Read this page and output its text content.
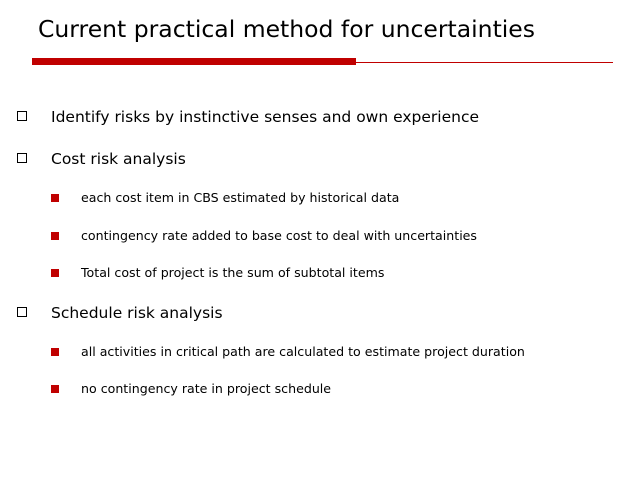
Current practical method for uncertainties
Identify risks by instinctive senses and own experience
Cost risk analysis
each cost item in CBS estimated by historical data
contingency rate added to base cost to deal with uncertainties
Total cost of project is the sum of subtotal items
Schedule risk analysis
all activities in critical path are calculated to estimate project duration
no contingency rate in project schedule
